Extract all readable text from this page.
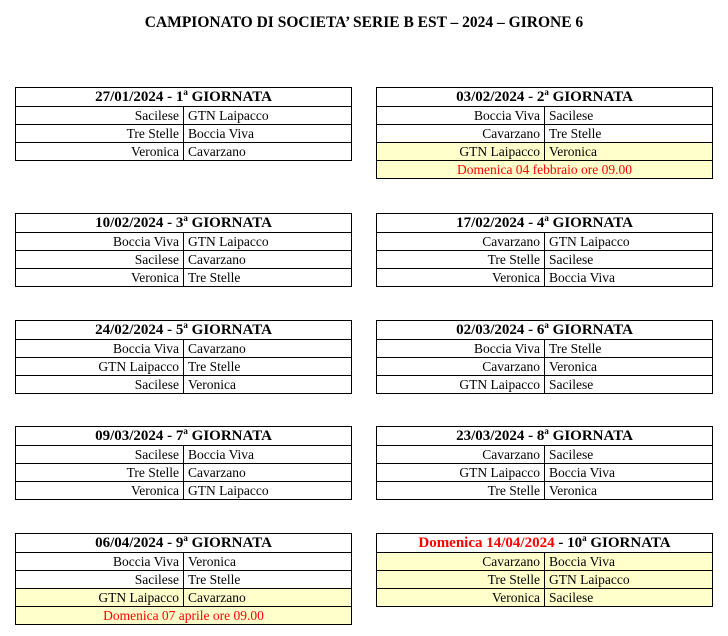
CAMPIONATO DI SOCIETA’ SERIE B EST – 2024 – GIRONE 6
27/01/2024 - 1$^a$ GIORNATA	
Sacilese	GTN Laipacco
Tre Stelle	Boccia Viva
Veronica	Cavarzano
03/02/2024 - 2$^a$ GIORNATA	
Boccia Viva	Sacilese
Cavarzano	Tre Stelle
GTN Laipacco	Veronica
Domenica 04 febbraio ore 09.00	
10/02/2024 - 3$^a$ GIORNATA	
Boccia Viva	GTN Laipacco
Sacilese	Cavarzano
Veronica	Tre Stelle
17/02/2024 - 4$^a$ GIORNATA	
Cavarzano	GTN Laipacco
Tre Stelle	Sacilese
Veronica	Boccia Viva
24/02/2024 - 5$^a$ GIORNATA	
Boccia Viva	Cavarzano
GTN Laipacco	Tre Stelle
Sacilese	Veronica
02/03/2024 - 6$^a$ GIORNATA	
Boccia Viva	Tre Stelle
Cavarzano	Veronica
GTN Laipacco	Sacilese
09/03/2024 - 7$^a$ GIORNATA	
Sacilese	Boccia Viva
Tre Stelle	Cavarzano
Veronica	GTN Laipacco
23/03/2024 - 8$^a$ GIORNATA	
Cavarzano	Sacilese
GTN Laipacco	Boccia Viva
Tre Stelle	Veronica
06/04/2024 - 9$^a$ GIORNATA	
Boccia Viva	Veronica
Sacilese	Tre Stelle
GTN Laipacco	Cavarzano
Domenica 07 aprile ore 09.00	
Domenica 14/04/2024 - 10$^a$ GIORNATA	
Cavarzano	Boccia Viva
Tre Stelle	GTN Laipacco
Veronica	Sacilese
